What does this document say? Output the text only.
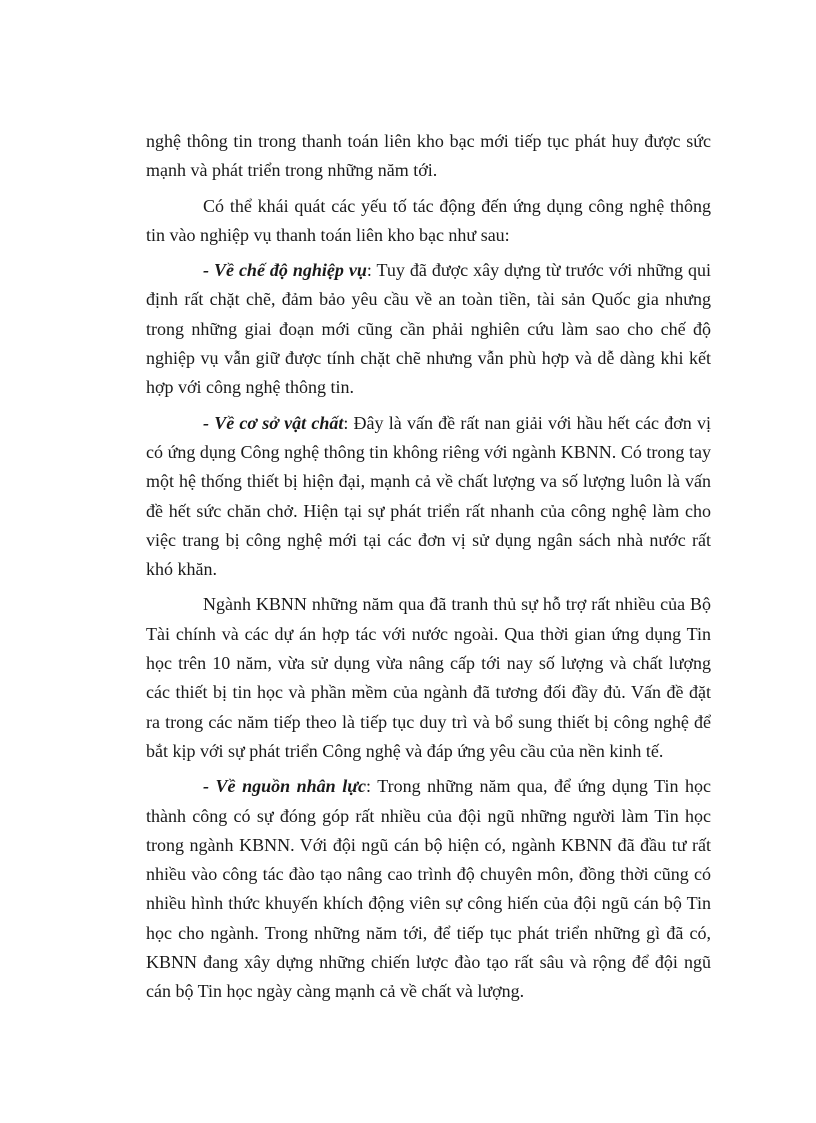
nghệ thông tin trong thanh toán liên kho bạc mới tiếp tục phát huy được sức mạnh và phát triển trong những năm tới.

Có thể khái quát các yếu tố tác động đến ứng dụng công nghệ thông tin vào nghiệp vụ thanh toán liên kho bạc như sau:

- Về chế độ nghiệp vụ: Tuy đã được xây dựng từ trước với những qui định rất chặt chẽ, đảm bảo yêu cầu về an toàn tiền, tài sản Quốc gia nhưng trong những giai đoạn mới cũng cần phải nghiên cứu làm sao cho chế độ nghiệp vụ vẫn giữ được tính chặt chẽ nhưng vẫn phù hợp và dễ dàng khi kết hợp với công nghệ thông tin.

- Về cơ sở vật chất: Đây là vấn đề rất nan giải với hầu hết các đơn vị có ứng dụng Công nghệ thông tin không riêng với ngành KBNN. Có trong tay một hệ thống thiết bị hiện đại, mạnh cả về chất lượng va số lượng luôn là vấn đề hết sức chăn chở. Hiện tại sự phát triển rất nhanh của công nghệ làm cho việc trang bị công nghệ mới tại các đơn vị sử dụng ngân sách nhà nước rất khó khăn.

Ngành KBNN những năm qua đã tranh thủ sự hỗ trợ rất nhiều của Bộ Tài chính và các dự án hợp tác với nước ngoài. Qua thời gian ứng dụng Tin học trên 10 năm, vừa sử dụng vừa nâng cấp tới nay số lượng và chất lượng các thiết bị tin học và phần mềm của ngành đã tương đối đầy đủ. Vấn đề đặt ra trong các năm tiếp theo là tiếp tục duy trì và bổ sung thiết bị công nghệ để bắt kịp với sự phát triển Công nghệ và đáp ứng yêu cầu của nền kinh tế.

- Về nguồn nhân lực: Trong những năm qua, để ứng dụng Tin học thành công có sự đóng góp rất nhiều của đội ngũ những người làm Tin học trong ngành KBNN. Với đội ngũ cán bộ hiện có, ngành KBNN đã đầu tư rất nhiều vào công tác đào tạo nâng cao trình độ chuyên môn, đồng thời cũng có nhiều hình thức khuyến khích động viên sự công hiến của đội ngũ cán bộ Tin học cho ngành. Trong những năm tới, để tiếp tục phát triển những gì đã có, KBNN đang xây dựng những chiến lược đào tạo rất sâu và rộng để đội ngũ cán bộ Tin học ngày càng mạnh cả về chất và lượng.
